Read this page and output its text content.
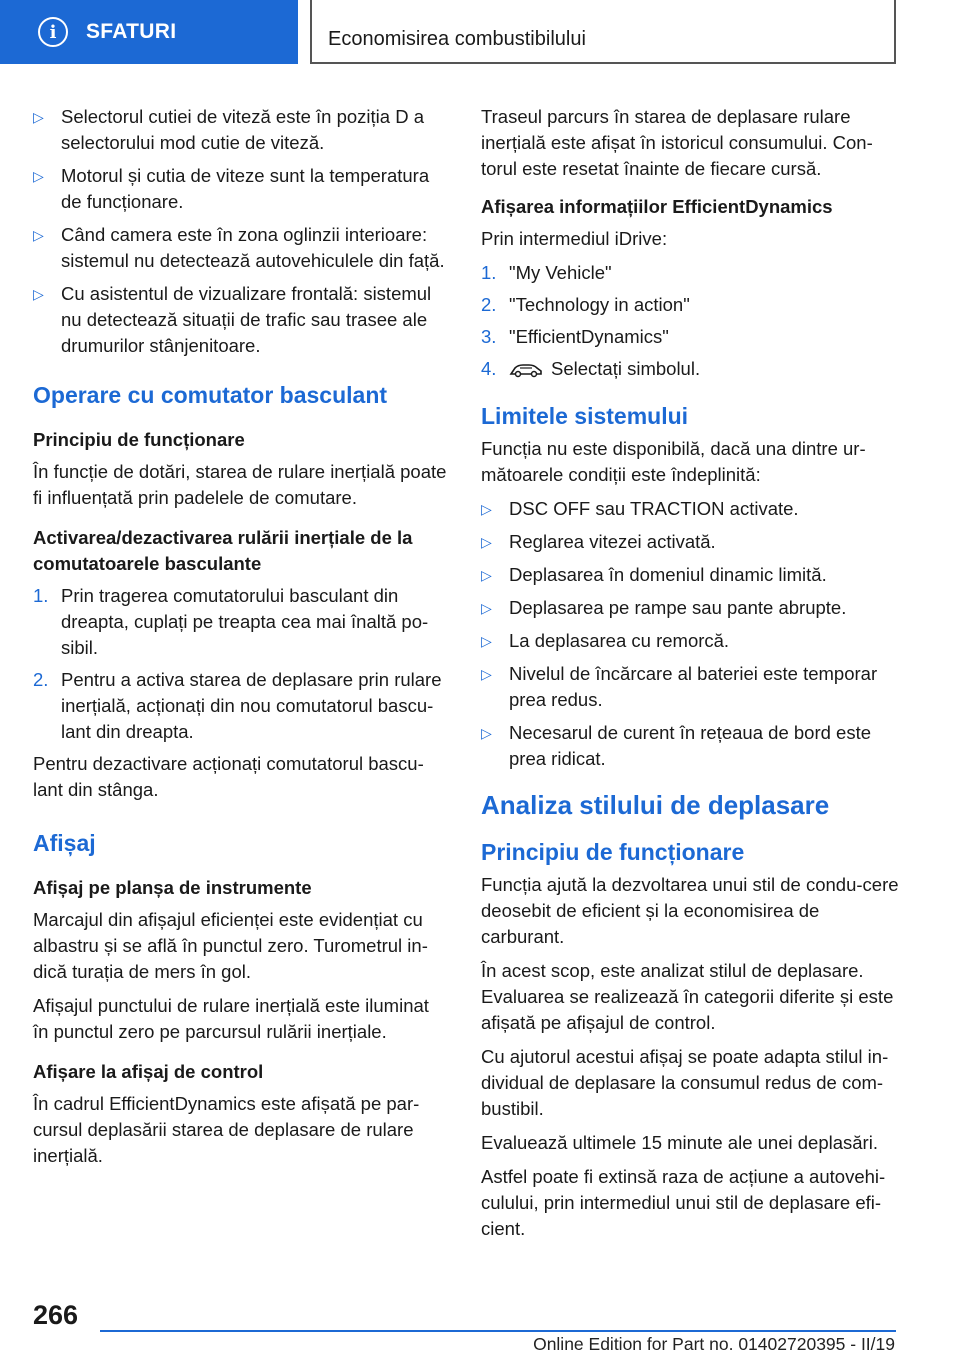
i	SFATURI	Economisirea combustibilului
▷ Selectorul cutiei de viteză este în poziția D a selectorului mod cutie de viteză.
▷ Motorul și cutia de viteze sunt la temperatura de funcționare.
▷ Când camera este în zona oglinzii interioare: sistemul nu detectează autovehiculele din față.
▷ Cu asistentul de vizualizare frontală: sistemul nu detectează situații de trafic sau trasee ale drumurilor stânjenitoare.
Operare cu comutator basculant
Principiu de funcționare

În funcție de dotări, starea de rulare inerțială poate fi influențată prin padelele de comutare.

Activarea/dezactivarea rulării inerțiale de la comutatoarele basculante
1. Prin tragerea comutatorului basculant din dreapta, cuplați pe treapta cea mai înaltă po-sibil.
2. Pentru a activa starea de deplasare prin rulare inerțială, acționați din nou comutatorul bascu-lant din dreapta.

Pentru dezactivare acționați comutatorul bascu-lant din stânga.

Afișaj
Afișaj pe planșa de instrumente

Marcajul din afișajul eficienței este evidențiat cu albastru și se află în punctul zero. Turometrul in-dică turația de mers în gol.

Afișajul punctului de rulare inerțială este iluminat în punctul zero pe parcursul rulării inerțiale.

Afișare la afișaj de control

În cadrul EfficientDynamics este afișată pe par-cursul deplasării starea de deplasare de rulare inerțială.

Traseul parcurs în starea de deplasare rulare inerțială este afișat în istoricul consumului. Con-torul este resetat înainte de fiecare cursă.

Afișarea informațiilor EfficientDynamics

Prin intermediul iDrive:

1. "My Vehicle"
2. "Technology in action"
3. "EfficientDynamics"
4.	Selectați simbolul.
Limitele sistemului

Funcția nu este disponibilă, dacă una dintre ur-mătoarele condiții este îndeplinită:

▷ DSC OFF sau TRACTION activate.
▷ Reglarea vitezei activată.
▷ Deplasarea în domeniul dinamic limită.
▷ Deplasarea pe rampe sau pante abrupte.
▷ La deplasarea cu remorcă.
▷ Nivelul de încărcare al bateriei este temporar prea redus.
▷ Necesarul de curent în rețeaua de bord este prea ridicat.
Analiza stilului de deplasare
Principiu de funcționare

Funcția ajută la dezvoltarea unui stil de condu-cere deosebit de eficient și la economisirea de carburant.

În acest scop, este analizat stilul de deplasare. Evaluarea se realizează în categorii diferite și este afișată pe afișajul de control.

Cu ajutorul acestui afișaj se poate adapta stilul in-dividual de deplasare la consumul redus de com-bustibil.

Evaluează ultimele 15 minute ale unei deplasări.

Astfel poate fi extinsă raza de acțiune a autovehi-culului, prin intermediul unui stil de deplasare efi-cient.

266
Online Edition for Part no. 01402720395 - II/19
